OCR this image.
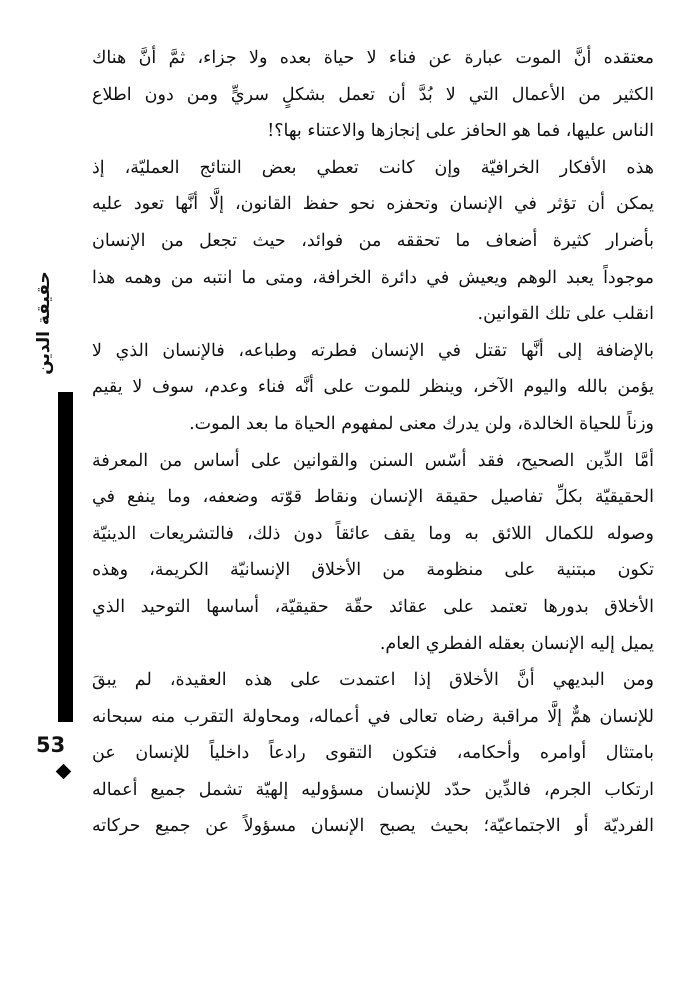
معتقده أنَّ الموت عبارة عن فناء لا حياة بعده ولا جزاء، ثمَّ أنَّ هناك
الكثير من الأعمال التي لا بُدَّ أن تعمل بشكلٍ سريٍّ ومن دون اطلاع
الناس عليها، فما هو الحافز على إنجازها والاعتناء بها؟!
هذه الأفكار الخرافيّة وإن كانت تعطي بعض النتائج العمليّة، إذ
يمكن أن تؤثر في الإنسان وتحفزه نحو حفظ القانون، إلَّا أنَّها تعود عليه
بأضرار كثيرة أضعاف ما تحققه من فوائد، حيث تجعل من الإنسان
موجوداً يعبد الوهم ويعيش في دائرة الخرافة، ومتى ما انتبه من وهمه هذا
انقلب على تلك القوانين.
بالإضافة إلى أنَّها تقتل في الإنسان فطرته وطباعه، فالإنسان الذي لا
يؤمن بالله واليوم الآخر، وينظر للموت على أنَّه فناء وعدم، سوف لا يقيم
وزناً للحياة الخالدة، ولن يدرك معنى لمفهوم الحياة ما بعد الموت.
أمَّا الدِّين الصحيح، فقد أسّس السنن والقوانين على أساس من المعرفة
الحقيقيّة بكلِّ تفاصيل حقيقة الإنسان ونقاط قوّته وضعفه، وما ينفع في
وصوله للكمال اللائق به وما يقف عائقاً دون ذلك، فالتشريعات الدينيّة
تكون مبتنية على منظومة من الأخلاق الإنسانيّة الكريمة، وهذه
الأخلاق بدورها تعتمد على عقائد حقّة حقيقيّة، أساسها التوحيد الذي
يميل إليه الإنسان بعقله الفطري العام.
ومن البديهي أنَّ الأخلاق إذا اعتمدت على هذه العقيدة، لم يبقَ
للإنسان همٌّ إلَّا مراقبة رضاه تعالى في أعماله، ومحاولة التقرب منه سبحانه
بامتثال أوامره وأحكامه، فتكون التقوى رادعاً داخلياً للإنسان عن
ارتكاب الجرم، فالدِّين حدّد للإنسان مسؤوليه إلهيّة تشمل جميع أعماله
الفرديّة أو الاجتماعيّة؛ بحيث يصبح الإنسان مسؤولاً عن جميع حركاته
حقيقة الدين
53
